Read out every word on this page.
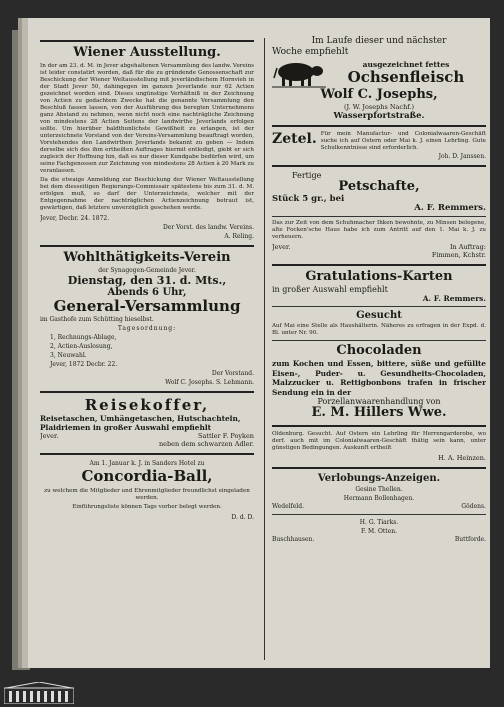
Wiener Ausstellung.

In der am 23. d. M. in Jever abgehaltenen Versammlung des landw. Vereins ist leider constatirt worden, daß für die zu gründende Genossenschaft zur Beschickung der Wiener Weltausstellung mit jeverländischem Hornvieh in der Stadt Jever 50, dahingegen im ganzen Jeverlande nur 62 Actien gezeichnet worden sind. Dieses ungünstige Verhältniß in der Zeichnung von Actien zu gedachtem Zwecke hat die genannte Versammlung den Beschluß fassen lassen, von der Ausführung des beregten Unternehmens ganz Abstand zu nehmen, wenn nicht noch eine nachträgliche Zeichnung von mindestens 28 Actien Seitens der landwirthe Jeverlands erfolgen sollte. Um hierüber baldthunlichste Gewißheit zu erlangen, ist der unterzeichnete Vorstand von der Vereins-Versammlung beauftragt worden, Vorstehendes den Landwirthen Jeverlands bekannt zu geben — Indem derselbe sich des ihm ertheilten Auftrages hiermit entledigt, giebt er sich zugleich der Hoffnung hin, daß es nur dieser Kundgabe bedürfen wird, um seine Fachgenossen zur Zeichnung von mindestens 28 Actien à 20 Mark zu veranlassen.

Da die etwaige Anmeldung zur Beschickung der Wiener Weltausstellung bei dem diesseitigen Regierungs-Commissair spätestens bis zum 31. d. M. erfolgen muß, so darf der Unterzeichnete, welcher mit der Entgegennahme der nachträglichen Actienzeichnung betraut ist, gewärtigen, daß letztere unverzüglich geschehen werde.

Jever, Decbr. 24. 1872.

Der Vorst. des landw. Vereins.

A. Reling.

Wohlthätigkeits-Verein

der Synagogen-Gemeinde Jever.

Dienstag, den 31. d. Mts.,

Abends 6 Uhr,

General-Versammlung

im Gasthofe zum Schütting hieselbst.

Tagesordnung:

1, Rechnungs-Ablage,

2, Actien-Auslosung,

3, Neuwahl.

Jever, 1872 Decbr. 22.

Der Vorstand.

Wolf C. Josephs. S. Lehmann.

Reisekoffer,

Reisetaschen, Umhängetaschen, Hutschachteln, Plaidriemen in großer Auswahl empfiehlt

Jever.	Sattler F. Poyken

neben dem schwarzen Adler.

Am 1. Januar k. J. in Sanders Hotel zu

Concordia-Ball,

zu welchem die Mitglieder und Ehrenmitglieder freundlichst eingeladen werden.

Einführungsliste können Tags vorher belegt werden.

D. d. D.

Im Laufe dieser und nächster

Woche empfiehlt

ausgezeichnet fettes

Ochsenfleisch

Wolf C. Josephs,

(J. W. Josephs Nachf.)

Wasserpfortstraße.

Zetel. Für mein Manufactur- und Colonialwaaren-Geschäft suche ich auf Ostern oder Mai k. J. einen Lehrling. Gute Schulkenntnisse sind erforderlich.

Joh. D. Janssen.

Fertige

Petschafte,

Stück 5 gr., bei

A. F. Remmers.

Das zur Zeit von dem Schuhmacher Ihken bewohnte, zu Minsen belegene, alte Focken'sche Haus habe ich zum Antritt auf den 1. Mai k. J. zu verheuern.

Jever.	In Auftrag:

Fimmen, Kchstr.

Gratulations-Karten

in großer Auswahl empfiehlt

A. F. Remmers.

Gesucht

Auf Mai eine Stelle als Haushälterin. Näheres zu erfragen in der Expd. d. Bl. unter Nr. 90.

Chocoladen

zum Kochen und Essen, bittere, süße und gefüllte Eisen-, Puder- u. Gesundheits-Chocoladen, Malzzucker u. Rettigbonbons trafen in frischer Sendung ein in der

Porzellanwaarenhandlung von

E. M. Hillers Wwe.

Oldenburg. Gesucht. Auf Ostern ein Lehrling für Herrengarderobe, wo derf. auch mit im Colonialwaaren-Geschäft thätig sein kann, unter günstigen Bedingungen. Auskunft ertheilt

H. A. Heinzen.

Verlobungs-Anzeigen.

Gesine Thellen.

Hermann Bollenhagen.

Wedelfeld.	Gödens.

H. G. Tiarks.

F. M. Otten.

Buschhausen.	Buttforde.
